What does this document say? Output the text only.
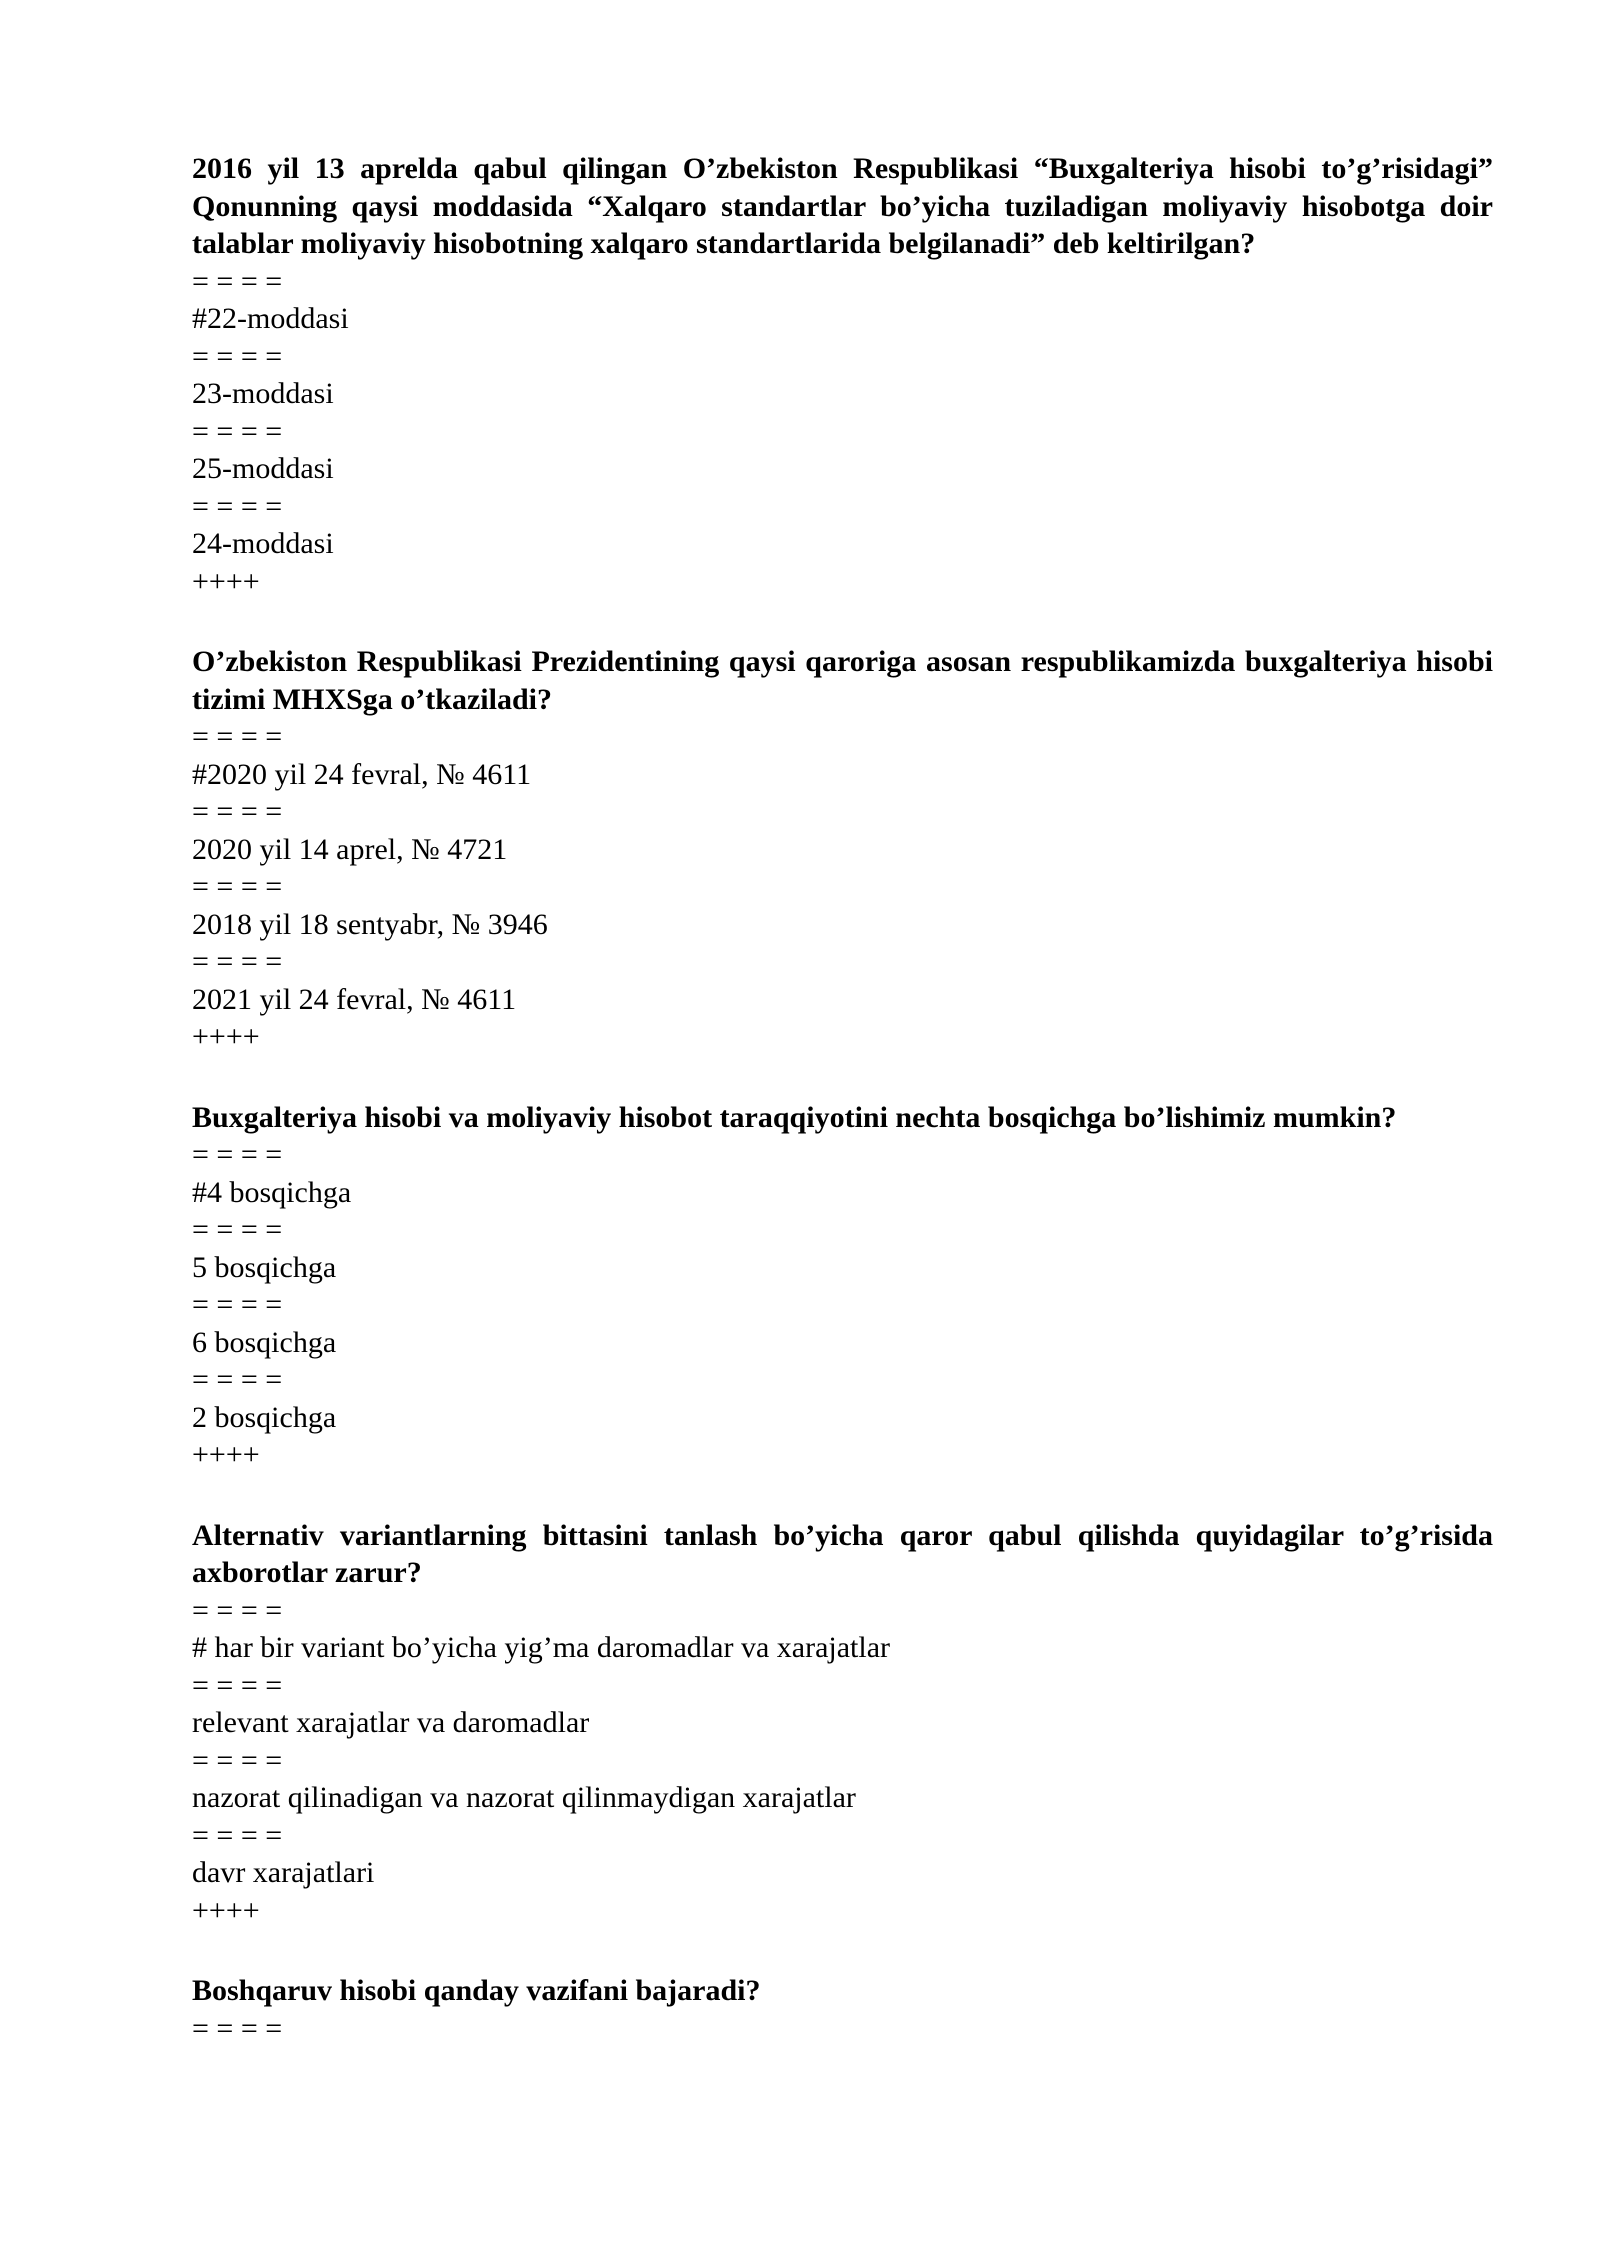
2016 yil 13 aprelda qabul qilingan O’zbekiston Respublikasi “Buxgalteriya hisobi to’g’risidagi” Qonunning qaysi moddasida “Xalqaro standartlar bo’yicha tuziladigan moliyaviy hisobotga doir talablar moliyaviy hisobotning xalqaro standartlarida belgilanadi” deb keltirilgan?

= = = =

#22-moddasi

= = = =

23-moddasi

= = = =

25-moddasi

= = = =

24-moddasi

++++

O’zbekiston Respublikasi Prezidentining qaysi qaroriga asosan respublikamizda buxgalteriya hisobi tizimi MHXSga o’tkaziladi?

= = = =

#2020 yil 24 fevral, № 4611

= = = =

2020 yil 14 aprel, № 4721

= = = =

2018 yil 18 sentyabr, № 3946

= = = =

2021 yil 24 fevral, № 4611

++++

Buxgalteriya hisobi va moliyaviy hisobot taraqqiyotini nechta bosqichga bo’lishimiz mumkin?

= = = =

#4 bosqichga

= = = =

5 bosqichga

= = = =

6 bosqichga

= = = =

2 bosqichga

++++

Alternativ variantlarning bittasini tanlash bo’yicha qaror qabul qilishda quyidagilar to’g’risida axborotlar zarur?

= = = =

# har bir variant bo’yicha yig’ma daromadlar va xarajatlar

= = = =

relevant xarajatlar va daromadlar

= = = =

nazorat qilinadigan va nazorat qilinmaydigan xarajatlar

= = = =

davr xarajatlari

++++

Boshqaruv hisobi qanday vazifani bajaradi?

= = = =
